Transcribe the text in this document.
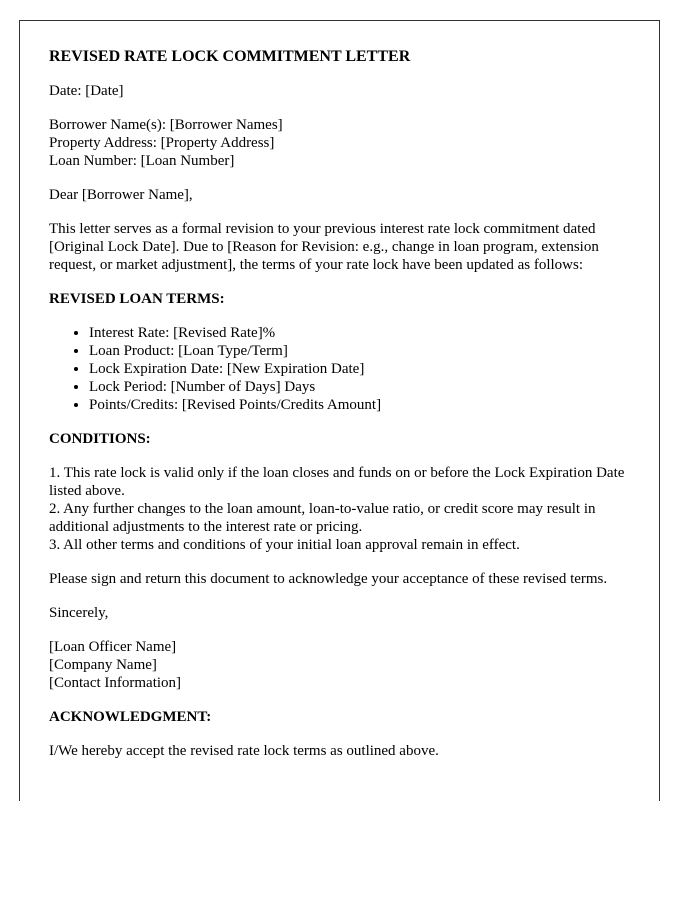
REVISED RATE LOCK COMMITMENT LETTER

Date: [Date]

Borrower Name(s): [Borrower Names]
Property Address: [Property Address]
Loan Number: [Loan Number]

Dear [Borrower Name],

This letter serves as a formal revision to your previous interest rate lock commitment dated [Original Lock Date]. Due to [Reason for Revision: e.g., change in loan program, extension request, or market adjustment], the terms of your rate lock have been updated as follows:

REVISED LOAN TERMS:
• Interest Rate: [Revised Rate]%
• Loan Product: [Loan Type/Term]
• Lock Expiration Date: [New Expiration Date]
• Lock Period: [Number of Days] Days
• Points/Credits: [Revised Points/Credits Amount]
CONDITIONS:

1. This rate lock is valid only if the loan closes and funds on or before the Lock Expiration Date listed above.
2. Any further changes to the loan amount, loan-to-value ratio, or credit score may result in additional adjustments to the interest rate or pricing.
3. All other terms and conditions of your initial loan approval remain in effect.

Please sign and return this document to acknowledge your acceptance of these revised terms.

Sincerely,

[Loan Officer Name]
[Company Name]
[Contact Information]

ACKNOWLEDGMENT:

I/We hereby accept the revised rate lock terms as outlined above.
